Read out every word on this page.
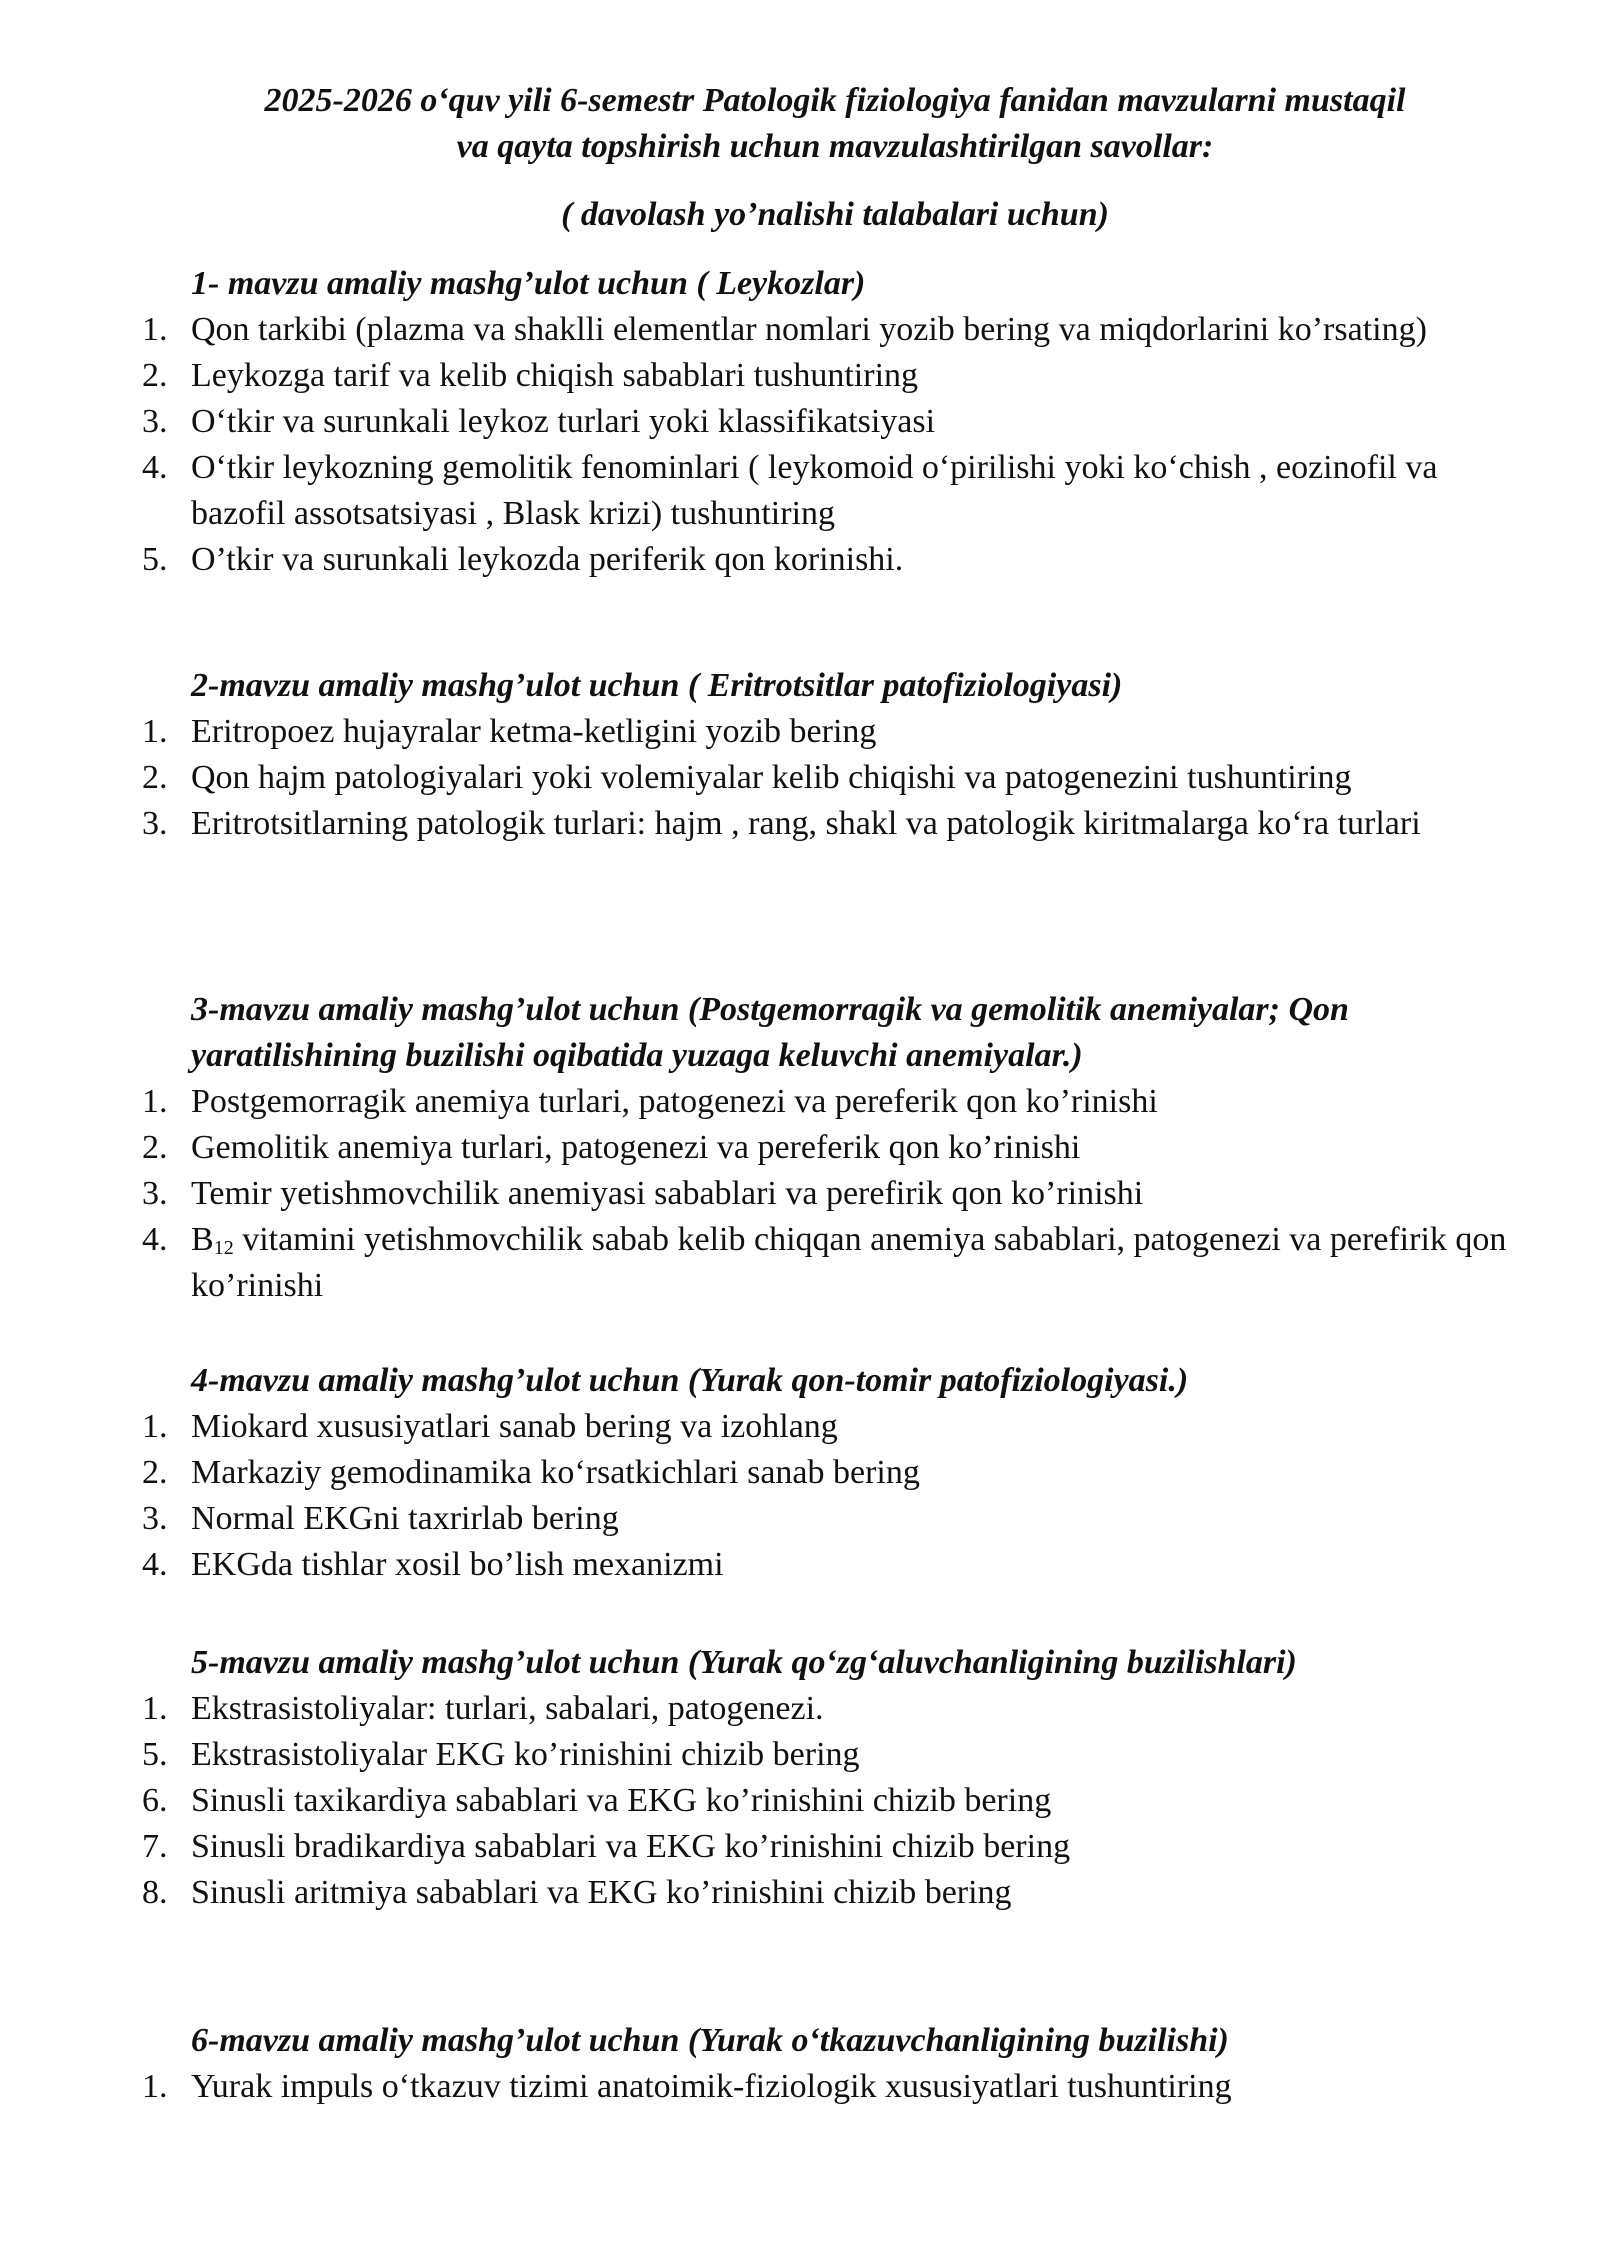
2025-2026 o‘quv yili 6-semestr Patologik fiziologiya fanidan mavzularni mustaqil
va qayta topshirish uchun mavzulashtirilgan savollar:
( davolash yo’nalishi talabalari uchun)
1- mavzu amaliy mashg’ulot uchun ( Leykozlar)
1. Qon tarkibi (plazma va shaklli elementlar nomlari yozib bering va miqdorlarini ko’rsating)
2. Leykozga tarif va kelib chiqish sabablari tushuntiring
3. O‘tkir va surunkali leykoz turlari yoki klassifikatsiyasi
4. O‘tkir leykozning gemolitik fenominlari ( leykomoid o‘pirilishi yoki ko‘chish , eozinofil va bazofil assotsatsiyasi , Blask krizi) tushuntiring
5. O’tkir va surunkali leykozda periferik qon korinishi.
2-mavzu amaliy mashg’ulot uchun ( Eritrotsitlar patofiziologiyasi)
1. Eritropoez hujayralar ketma-ketligini yozib bering
2. Qon hajm patologiyalari yoki volemiyalar kelib chiqishi va patogenezini tushuntiring
3. Eritrotsitlarning patologik turlari: hajm , rang, shakl va patologik kiritmalarga ko‘ra turlari
3-mavzu amaliy mashg’ulot uchun (Postgemorragik va gemolitik anemiyalar; Qon yaratilishining buzilishi oqibatida yuzaga keluvchi anemiyalar.)
1. Postgemorragik anemiya turlari, patogenezi va pereferik qon ko’rinishi
2. Gemolitik anemiya turlari, patogenezi va pereferik qon ko’rinishi
3. Temir yetishmovchilik anemiyasi sabablari va perefirik qon ko’rinishi
4. $B_{12}$ vitamini yetishmovchilik sabab kelib chiqqan anemiya sabablari, patogenezi va perefirik qon ko’rinishi
4-mavzu amaliy mashg’ulot uchun (Yurak qon-tomir patofiziologiyasi.)
1. Miokard xususiyatlari sanab bering va izohlang
2. Markaziy gemodinamika ko‘rsatkichlari sanab bering
3. Normal EKGni taxrirlab bering
4. EKGda tishlar xosil bo’lish mexanizmi
5-mavzu amaliy mashg’ulot uchun (Yurak qo‘zg‘aluvchanligining buzilishlari)
1. Ekstrasistoliyalar: turlari, sabalari, patogenezi.
5. Ekstrasistoliyalar EKG ko’rinishini chizib bering
6. Sinusli taxikardiya sabablari va EKG ko’rinishini chizib bering
7. Sinusli bradikardiya sabablari va EKG ko’rinishini chizib bering
8. Sinusli aritmiya sabablari va EKG ko’rinishini chizib bering
6-mavzu amaliy mashg’ulot uchun (Yurak o‘tkazuvchanligining buzilishi)
1. Yurak impuls o‘tkazuv tizimi anatoimik-fiziologik xususiyatlari tushuntiring
